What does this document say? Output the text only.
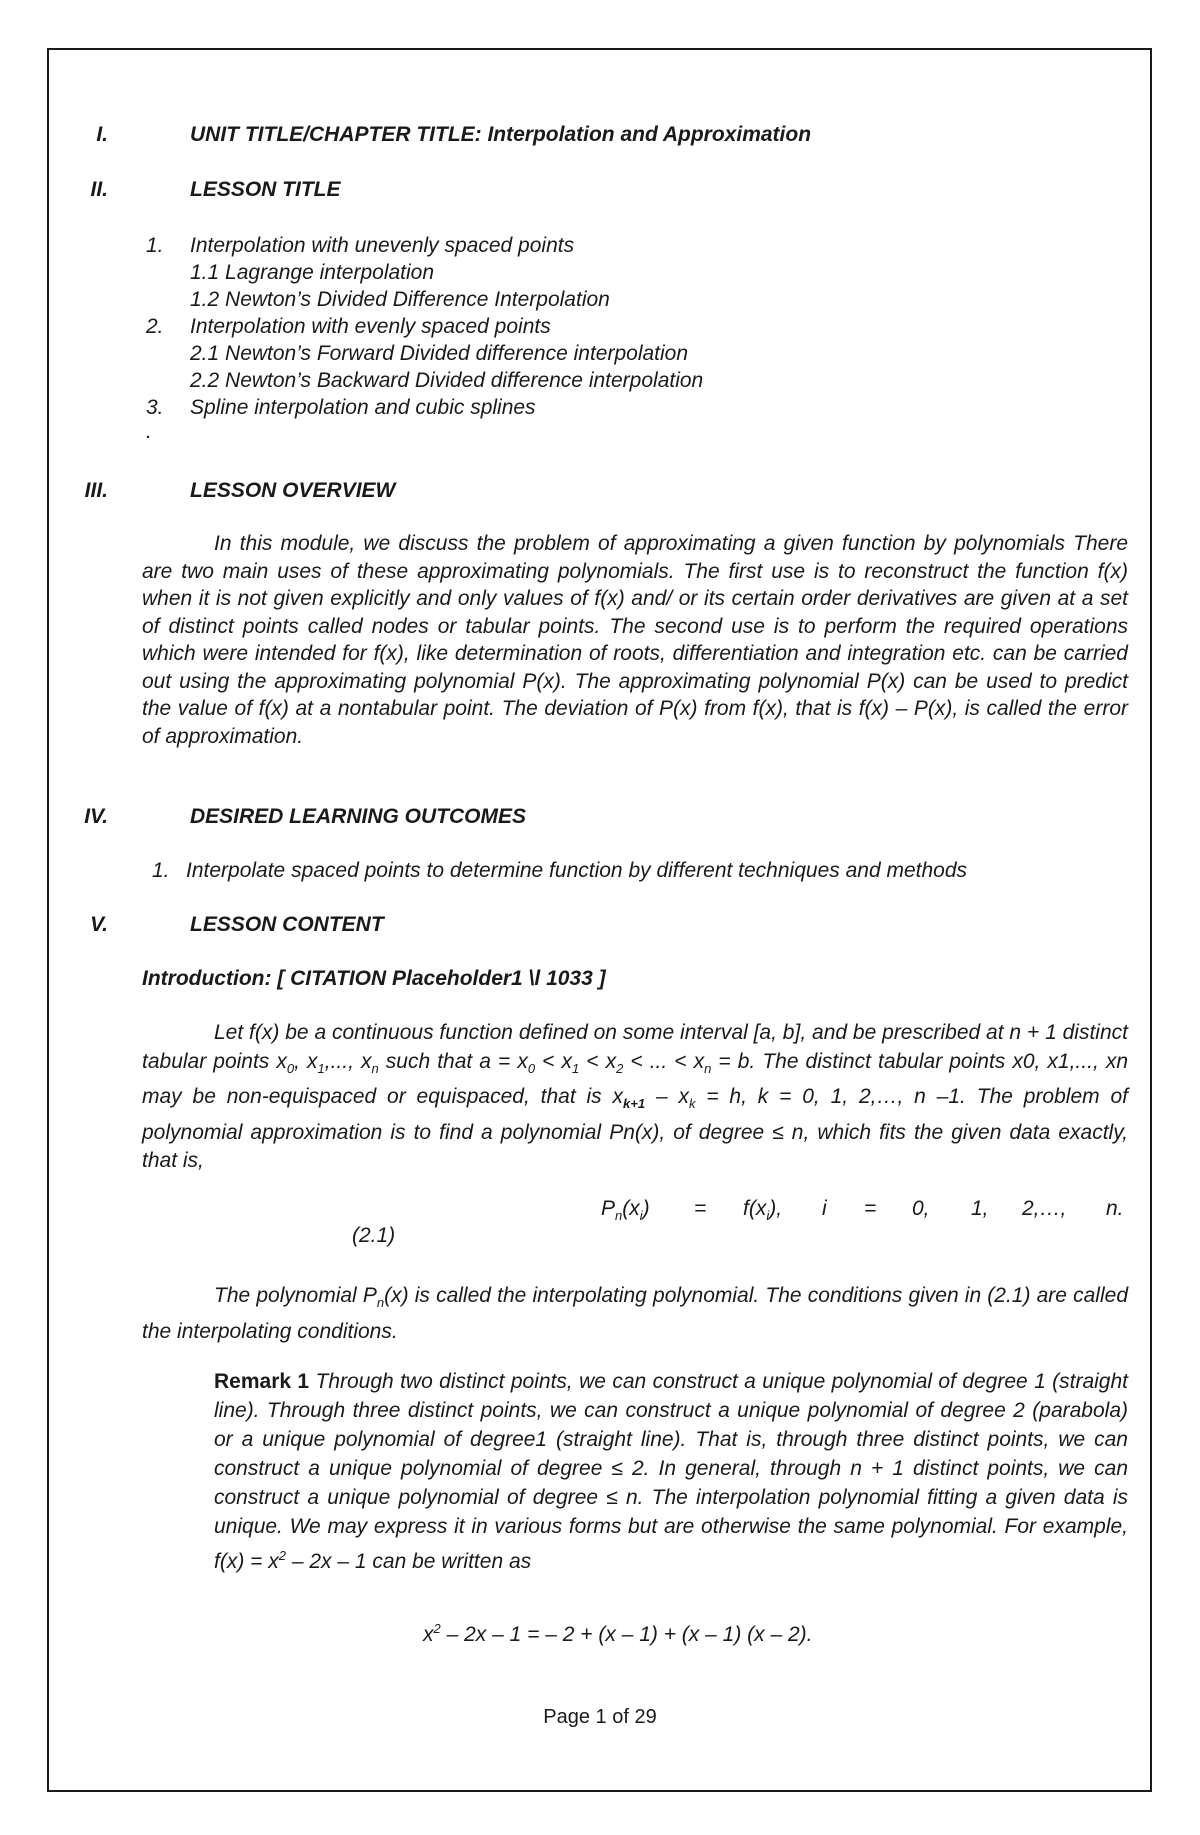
I.	UNIT TITLE/CHAPTER TITLE: Interpolation and Approximation
II.	LESSON TITLE
1. Interpolation with unevenly spaced points
1.1 Lagrange interpolation
1.2 Newton’s Divided Difference Interpolation
2. Interpolation with evenly spaced points
2.1 Newton’s Forward Divided difference interpolation
2.2 Newton’s Backward Divided difference interpolation
3. Spline interpolation and cubic splines
.
III.	LESSON OVERVIEW

In this module, we discuss the problem of approximating a given function by polynomials There are two main uses of these approximating polynomials. The first use is to reconstruct the function f(x) when it is not given explicitly and only values of f(x) and/ or its certain order derivatives are given at a set of distinct points called nodes or tabular points. The second use is to perform the required operations which were intended for f(x), like determination of roots, differentiation and integration etc. can be carried out using the approximating polynomial P(x). The approximating polynomial P(x) can be used to predict the value of f(x) at a nontabular point. The deviation of P(x) from f(x), that is f(x) – P(x), is called the error of approximation.

IV.	DESIRED LEARNING OUTCOMES
1. Interpolate spaced points to determine function by different techniques and methods
V.	LESSON CONTENT
Introduction: [ CITATION Placeholder1 \l 1033 ]

Let f(x) be a continuous function defined on some interval [a, b], and be prescribed at n + 1 distinct tabular points $x_0$, $x_1$,..., $x_n$ such that $a = x_0 < x_1 < x_2$ < ... < $x_n = b$. The distinct tabular points x0, x1,..., xn may be non-equispaced or equispaced, that is $x_{k+1} - x_k = h$, k = 0, 1, 2,…, n –1. The problem of polynomial approximation is to find a polynomial Pn(x), of degree ≤ n, which fits the given data exactly, that is,

$P_n(x_i) = f(x_i)$, i = 0, 1, 2,…, n.
(2.1)

The polynomial $P_n(x)$ is called the interpolating polynomial. The conditions given in (2.1) are called the interpolating conditions.

Remark 1 Through two distinct points, we can construct a unique polynomial of degree 1 (straight line). Through three distinct points, we can construct a unique polynomial of degree 2 (parabola) or a unique polynomial of degree1 (straight line). That is, through three distinct points, we can construct a unique polynomial of degree ≤ 2. In general, through n + 1 distinct points, we can construct a unique polynomial of degree ≤ n. The interpolation polynomial fitting a given data is unique. We may express it in various forms but are otherwise the same polynomial. For example, $f(x) = x^2 - 2x - 1$ can be written as

$x^2 - 2x - 1$ = – 2 + (x – 1) + (x – 1) (x – 2).
Page 1 of 29
